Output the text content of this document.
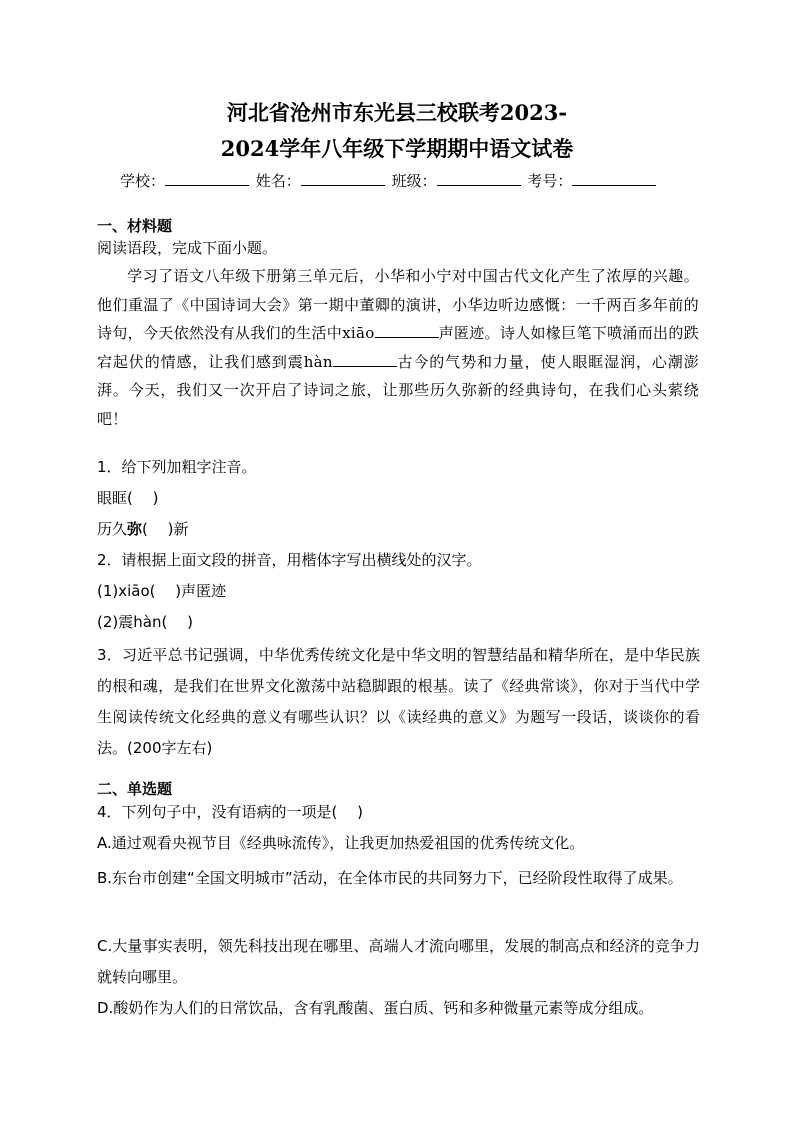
河北省沧州市东光县三校联考2023-
2024学年八年级下学期期中语文试卷
学校：	姓名：	班级：	考号：
一、材料题
阅读语段，完成下面小题。
学习了语文八年级下册第三单元后，小华和小宁对中国古代文化产生了浓厚的兴趣。他们重温了《中国诗词大会》第一期中董卿的演讲，小华边听边感慨：一千两百多年前的诗句，今天依然没有从我们的生活中xiāo	声匿迹。诗人如椽巨笔下喷涌而出的跌宕起伏的情感，让我们感到震hàn	古今的气势和力量，使人眼眶湿润，心潮澎湃。今天，我们又一次开启了诗词之旅，让那些历久弥新的经典诗句，在我们心头萦绕吧！
1．给下列加粗字注音。
眼眶(　 )
历久弥(　 )新
2．请根据上面文段的拼音，用楷体字写出横线处的汉字。
(1)xiāo(　 )声匿迹
(2)震hàn(　 )
3．习近平总书记强调，中华优秀传统文化是中华文明的智慧结晶和精华所在，是中华民族的根和魂，是我们在世界文化激荡中站稳脚跟的根基。读了《经典常谈》，你对于当代中学生阅读传统文化经典的意义有哪些认识？以《读经典的意义》为题写一段话，谈谈你的看法。(200字左右)
二、单选题
4．下列句子中，没有语病的一项是(　 )
A.通过观看央视节目《经典咏流传》，让我更加热爱祖国的优秀传统文化。
B.东台市创建“全国文明城市”活动，在全体市民的共同努力下，已经阶段性取得了成果。
C.大量事实表明，领先科技出现在哪里、高端人才流向哪里，发展的制高点和经济的竞争力就转向哪里。
D.酸奶作为人们的日常饮品，含有乳酸菌、蛋白质、钙和多种微量元素等成分组成。
